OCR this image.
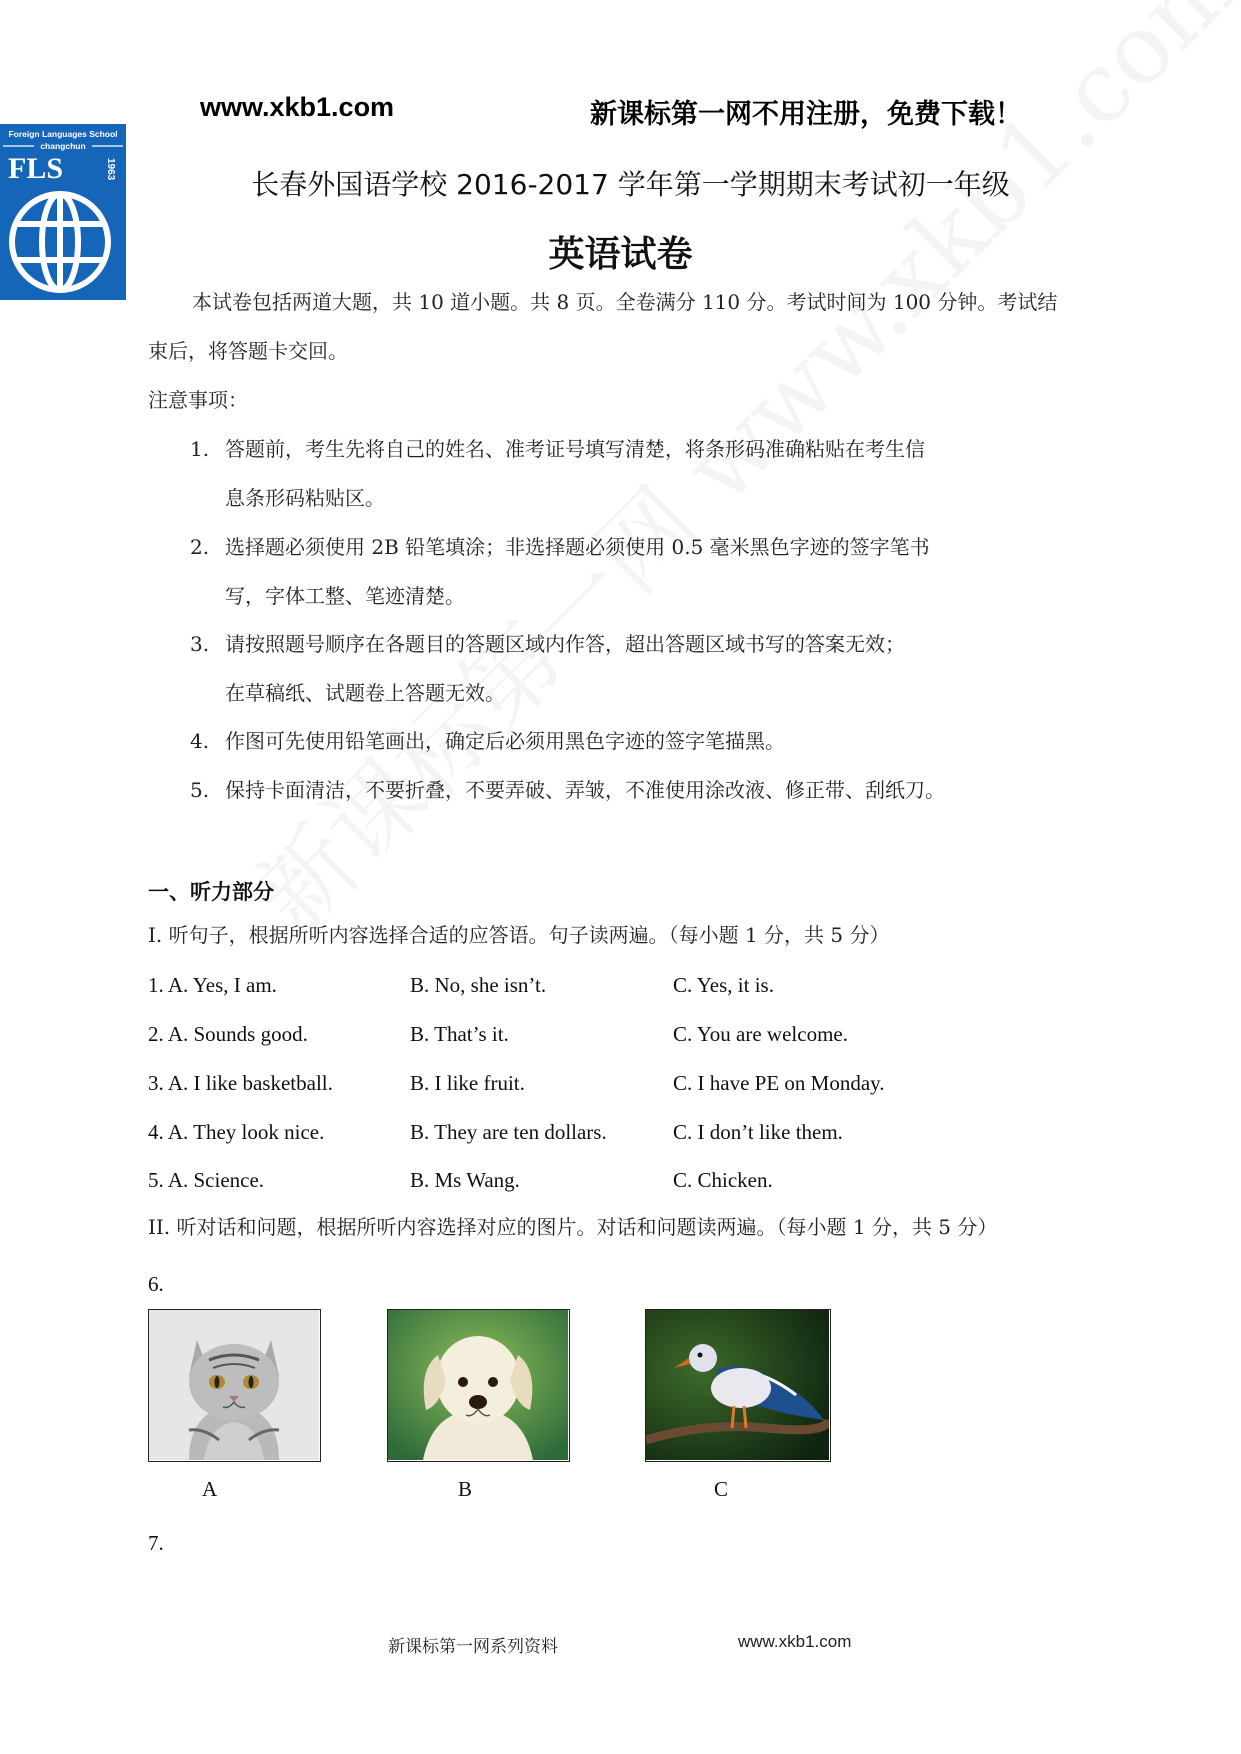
www.xkb1.com	新课标第一网不用注册，免费下载！
Foreign Languages School
changchun
FLS	1963	长春外国语学校 2016-2017 学年第一学期期末考试初一年级
英语试卷
本试卷包括两道大题，共 10 道小题。共 8 页。全卷满分 110 分。考试时间为 100 分钟。考试结
束后，将答题卡交回。
注意事项：
1. 答题前，考生先将自己的姓名、准考证号填写清楚，将条形码准确粘贴在考生信
息条形码粘贴区。
2. 选择题必须使用 2B 铅笔填涂；非选择题必须使用 0.5 毫米黑色字迹的签字笔书
写，字体工整、笔迹清楚。
3. 请按照题号顺序在各题目的答题区域内作答，超出答题区域书写的答案无效；
在草稿纸、试题卷上答题无效。
4. 作图可先使用铅笔画出，确定后必须用黑色字迹的签字笔描黑。
5. 保持卡面清洁，不要折叠，不要弄破、弄皱，不准使用涂改液、修正带、刮纸刀。
一、听力部分
I. 听句子，根据所听内容选择合适的应答语。句子读两遍。（每小题 1 分，共 5 分）
1. A. Yes, I am.	B. No, she isn’t.	C. Yes, it is.
2. A. Sounds good.	B. That’s it.	C. You are welcome.
3. A. I like basketball.	B. I like fruit.	C. I have PE on Monday.
4. A. They look nice.	B. They are ten dollars.	C. I don’t like them.
5. A. Science.	B. Ms Wang.	C. Chicken.
II. 听对话和问题，根据所听内容选择对应的图片。对话和问题读两遍。（每小题 1 分，共 5 分）
6.
A	B	C
7.
新课标第一网系列资料	www.xkb1.com
